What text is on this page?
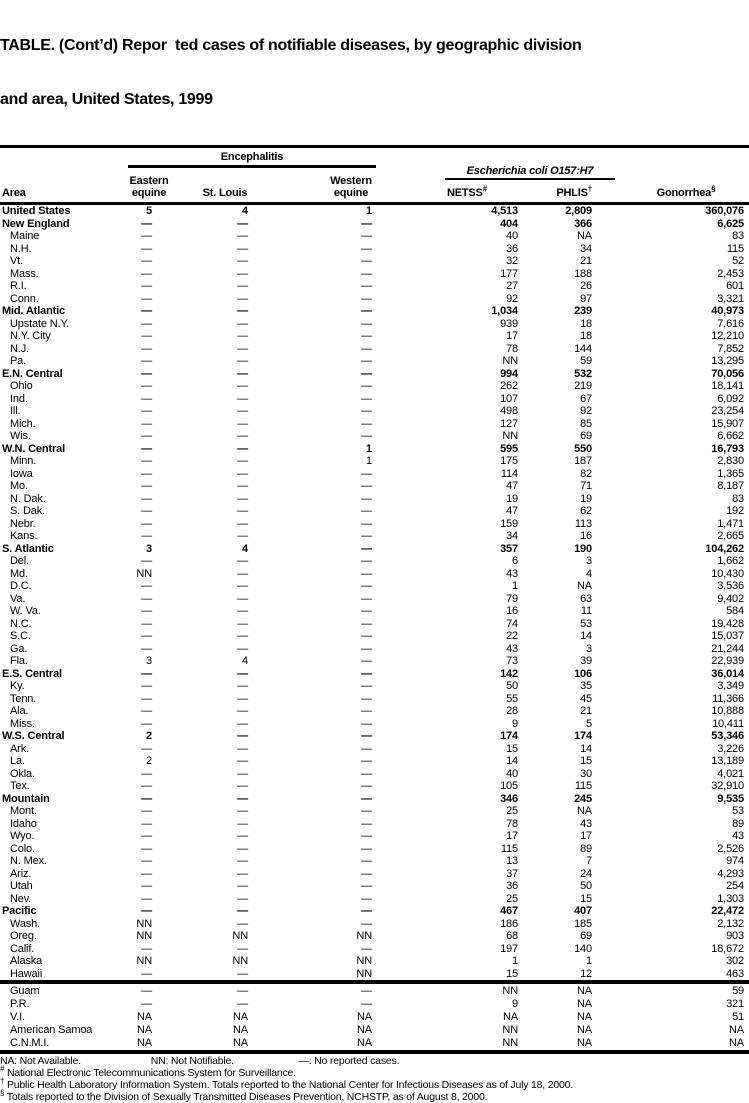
TABLE. (Cont’d) Repor  ted cases of notifiable diseases, by geographic division

and area, United States, 1999

Encephalitis
Escherichia coli O157:H7
Area
Eastern
equine	St. Louis
Western
equine	NETSS#	PHLIS†	Gonorrhea§
United States	5	4	1	4,513	2,809	360,076
New England	—	—	—	404	366	6,625
Maine	—	—	—	40	NA	83
N.H.	—	—	—	36	34	115
Vt.	—	—	—	32	21	52
Mass.	—	—	—	177	188	2,453
R.I.	—	—	—	27	26	601
Conn.	—	—	—	92	97	3,321
Mid. Atlantic	—	—	—	1,034	239	40,973
Upstate N.Y.	—	—	—	939	18	7,616
N.Y. City	—	—	—	17	18	12,210
N.J.	—	—	—	78	144	7,852
Pa.	—	—	—	NN	59	13,295
E.N. Central	—	—	—	994	532	70,056
Ohio	—	—	—	262	219	18,141
Ind.	—	—	—	107	67	6,092
Ill.	—	—	—	498	92	23,254
Mich.	—	—	—	127	85	15,907
Wis.	—	—	—	NN	69	6,662
W.N. Central	—	—	1	595	550	16,793
Minn.	—	—	1	175	187	2,830
Iowa	—	—	—	114	82	1,365
Mo.	—	—	—	47	71	8,187
N. Dak.	—	—	—	19	19	83
S. Dak.	—	—	—	47	62	192
Nebr.	—	—	—	159	113	1,471
Kans.	—	—	—	34	16	2,665
S. Atlantic	3	4	—	357	190	104,262
Del.	—	—	—	6	3	1,662
Md.	NN	—	—	43	4	10,430
D.C.	—	—	—	1	NA	3,536
Va.	—	—	—	79	63	9,402
W. Va.	—	—	—	16	11	584
N.C.	—	—	—	74	53	19,428
S.C.	—	—	—	22	14	15,037
Ga.	—	—	—	43	3	21,244
Fla.	3	4	—	73	39	22,939
E.S. Central	—	—	—	142	106	36,014
Ky.	—	—	—	50	35	3,349
Tenn.	—	—	—	55	45	11,366
Ala.	—	—	—	28	21	10,888
Miss.	—	—	—	9	5	10,411
W.S. Central	2	—	—	174	174	53,346
Ark.	—	—	—	15	14	3,226
La.	2	—	—	14	15	13,189
Okla.	—	—	—	40	30	4,021
Tex.	—	—	—	105	115	32,910
Mountain	—	—	—	346	245	9,535
Mont.	—	—	—	25	NA	53
Idaho	—	—	—	78	43	89
Wyo.	—	—	—	17	17	43
Colo.	—	—	—	115	89	2,526
N. Mex.	—	—	—	13	7	974
Ariz.	—	—	—	37	24	4,293
Utah	—	—	—	36	50	254
Nev.	—	—	—	25	15	1,303
Pacific	—	—	—	467	407	22,472
Wash.	NN	—	—	186	185	2,132
Oreg.	NN	NN	NN	68	69	903
Calif.	—	—	—	197	140	18,672
Alaska	NN	NN	NN	1	1	302
Hawaii	—	—	NN	15	12	463
Guam	—	—	—	NN	NA	59
P.R.	—	—	—	9	NA	321
V.I.	NA	NA	NA	NA	NA	51
American Samoa	NA	NA	NA	NN	NA	NA
C.N.M.I.	NA	NA	NA	NN	NA	NA
NA: Not Available.	NN: Not Notifiable.	—: No reported cases.
# National Electronic Telecommunications System for Surveillance.
† Public Health Laboratory Information System. Totals reported to the National Center for Infectious Diseases as of July 18, 2000.
§ Totals reported to the Division of Sexually Transmitted Diseases Prevention, NCHSTP, as of August 8, 2000.
